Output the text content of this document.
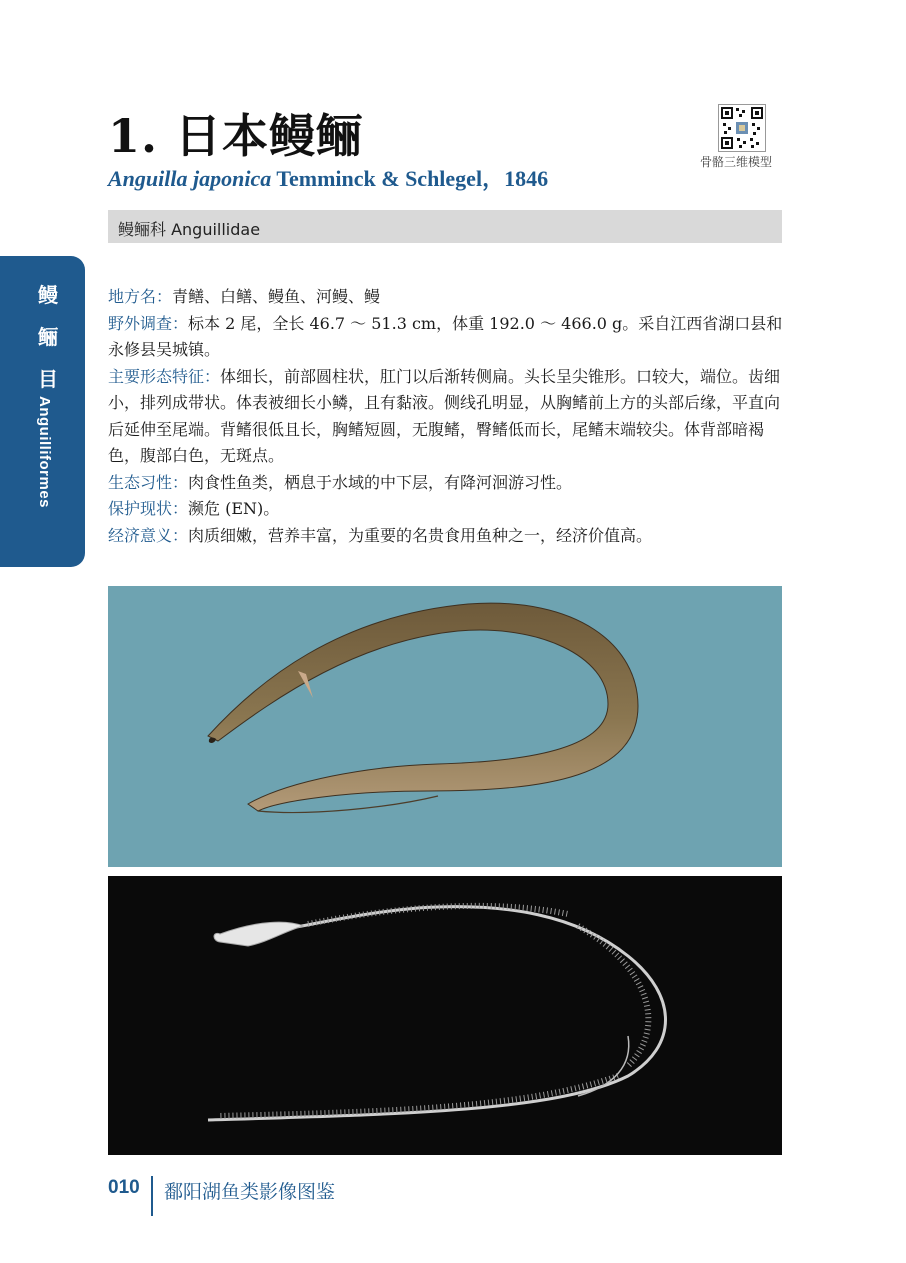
1. 日本鳗鲡
Anguilla japonica Temminck & Schlegel，1846
骨骼三维模型
鳗鲡科 Anguillidae
鳗
鲡
目
Anguilliformes

地方名：青鳝、白鳝、鳗鱼、河鳗、鳗

野外调查：标本 2 尾，全长 46.7 ～ 51.3 cm，体重 192.0 ～ 466.0 g。采自江西省湖口县和永修县吴城镇。

主要形态特征：体细长，前部圆柱状，肛门以后渐转侧扁。头长呈尖锥形。口较大，端位。齿细小，排列成带状。体表被细长小鳞，且有黏液。侧线孔明显，从胸鳍前上方的头部后缘，平直向后延伸至尾端。背鳍很低且长，胸鳍短圆，无腹鳍，臀鳍低而长，尾鳍末端较尖。体背部暗褐色，腹部白色，无斑点。

生态习性：肉食性鱼类，栖息于水域的中下层，有降河洄游习性。

保护现状：濒危 (EN)。

经济意义：肉质细嫩，营养丰富，为重要的名贵食用鱼种之一，经济价值高。

010 鄱阳湖鱼类影像图鉴
